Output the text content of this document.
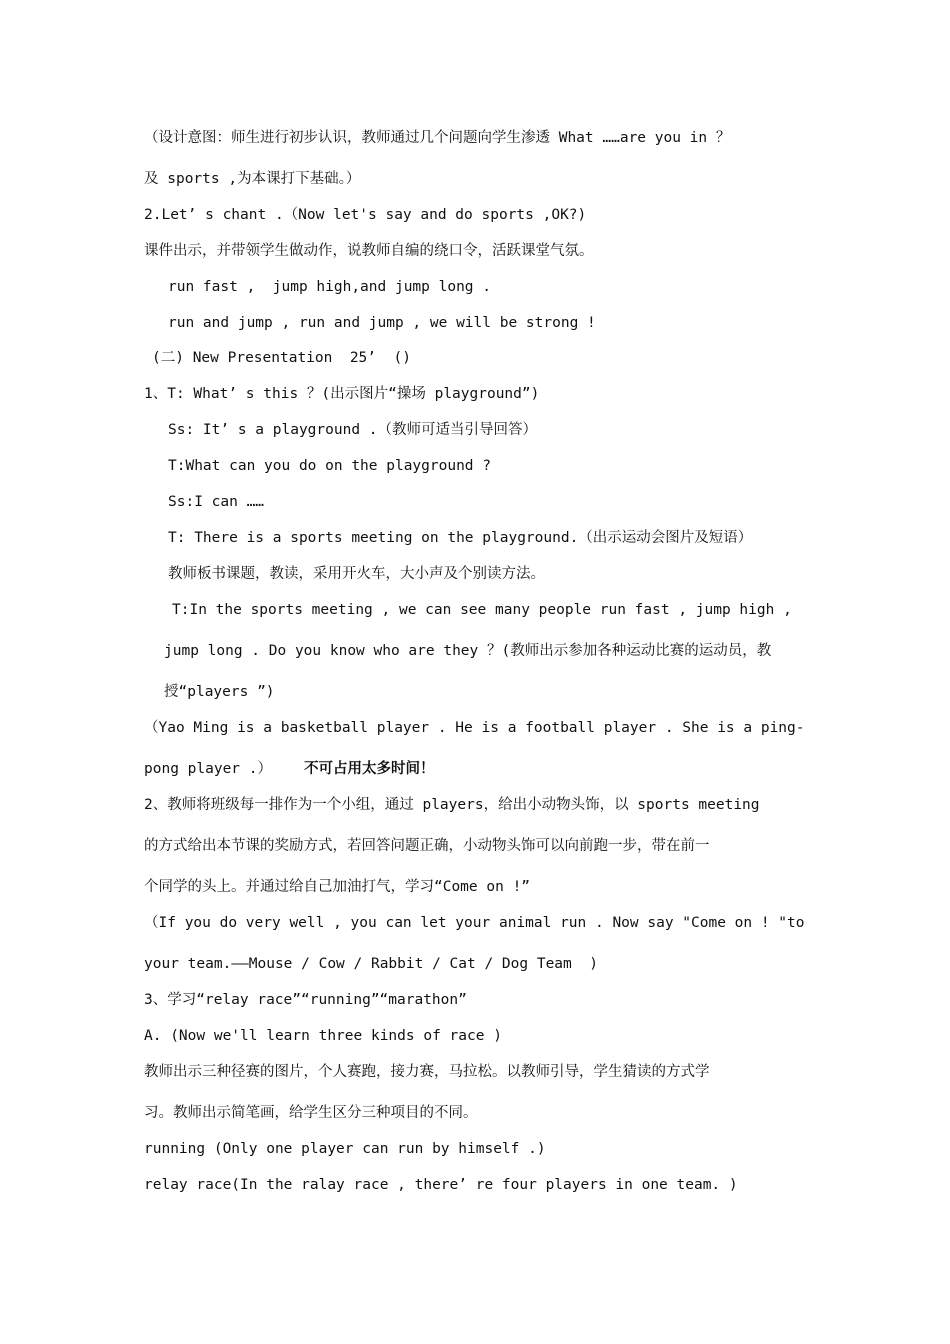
（设计意图：师生进行初步认识，教师通过几个问题向学生渗透 What ……are you in ？
及 sports ,为本课打下基础。）
2.Let’ s chant .（Now let's say and do sports ,OK?)
课件出示，并带领学生做动作，说教师自编的绕口令，活跃课堂气氛。
run fast ,  jump high,and jump long .
run and jump , run and jump , we will be strong !
(二) New Presentation  25’  ()
1、T: What’ s this ？(出示图片“操场 playground”)
Ss: It’ s a playground .（教师可适当引导回答）
T:What can you do on the playground ?
Ss:I can ……
T: There is a sports meeting on the playground.（出示运动会图片及短语）
教师板书课题，教读，采用开火车，大小声及个别读方法。
T:In the sports meeting , we can see many people run fast , jump high ,
jump long . Do you know who are they ？(教师出示参加各种运动比赛的运动员，教
授“players ”)
（Yao Ming is a basketball player . He is a football player . She is a ping-
pong player .） 不可占用太多时间！
2、教师将班级每一排作为一个小组，通过 players，给出小动物头饰，以 sports meeting
的方式给出本节课的奖励方式，若回答问题正确，小动物头饰可以向前跑一步，带在前一
个同学的头上。并通过给自己加油打气，学习“Come on !”
（If you do very well , you can let your animal run . Now say "Come on ! "to
your team.——Mouse / Cow / Rabbit / Cat / Dog Team  )
3、学习“relay race”“running”“marathon”
A. (Now we'll learn three kinds of race )
教师出示三种径赛的图片，个人赛跑，接力赛，马拉松。以教师引导，学生猜读的方式学
习。教师出示简笔画，给学生区分三种项目的不同。
running (Only one player can run by himself .)
relay race(In the ralay race , there’ re four players in one team. )
